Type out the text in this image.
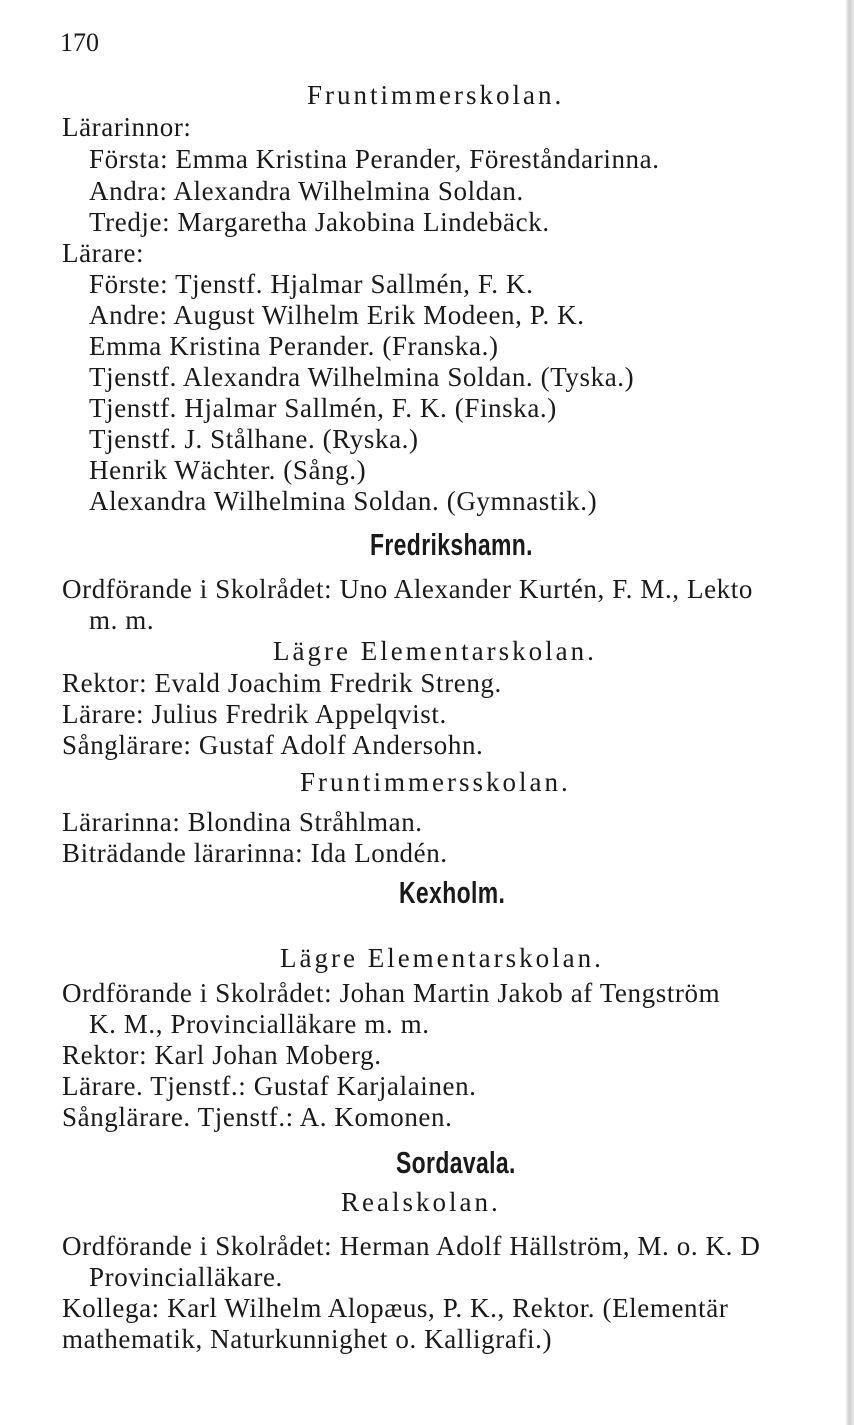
170
Fruntimmerskolan.
Lärarinnor:
Första: Emma Kristina Perander, Föreståndarinna.
Andra: Alexandra Wilhelmina Soldan.
Tredje: Margaretha Jakobina Lindebäck.
Lärare:
Förste: Tjenstf. Hjalmar Sallmén, F. K.
Andre: August Wilhelm Erik Modeen, P. K.
Emma Kristina Perander. (Franska.)
Tjenstf. Alexandra Wilhelmina Soldan. (Tyska.)
Tjenstf. Hjalmar Sallmén, F. K. (Finska.)
Tjenstf. J. Stålhane. (Ryska.)
Henrik Wächter. (Sång.)
Alexandra Wilhelmina Soldan. (Gymnastik.)
Fredrikshamn.
Ordförande i Skolrådet: Uno Alexander Kurtén, F. M., Lekto
m. m.
Lägre Elementarskolan.
Rektor: Evald Joachim Fredrik Streng.
Lärare: Julius Fredrik Appelqvist.
Sånglärare: Gustaf Adolf Andersohn.
Fruntimmersskolan.
Lärarinna: Blondina Stråhlman.
Biträdande lärarinna: Ida Londén.
Kexholm.
Lägre Elementarskolan.
Ordförande i Skolrådet: Johan Martin Jakob af Tengström
K. M., Provincialläkare m. m.
Rektor: Karl Johan Moberg.
Lärare. Tjenstf.: Gustaf Karjalainen.
Sånglärare. Tjenstf.: A. Komonen.
Sordavala.
Realskolan.
Ordförande i Skolrådet: Herman Adolf Hällström, M. o. K. D
Provincialläkare.
Kollega: Karl Wilhelm Alopæus, P. K., Rektor. (Elementär
mathematik, Naturkunnighet o. Kalligrafi.)
